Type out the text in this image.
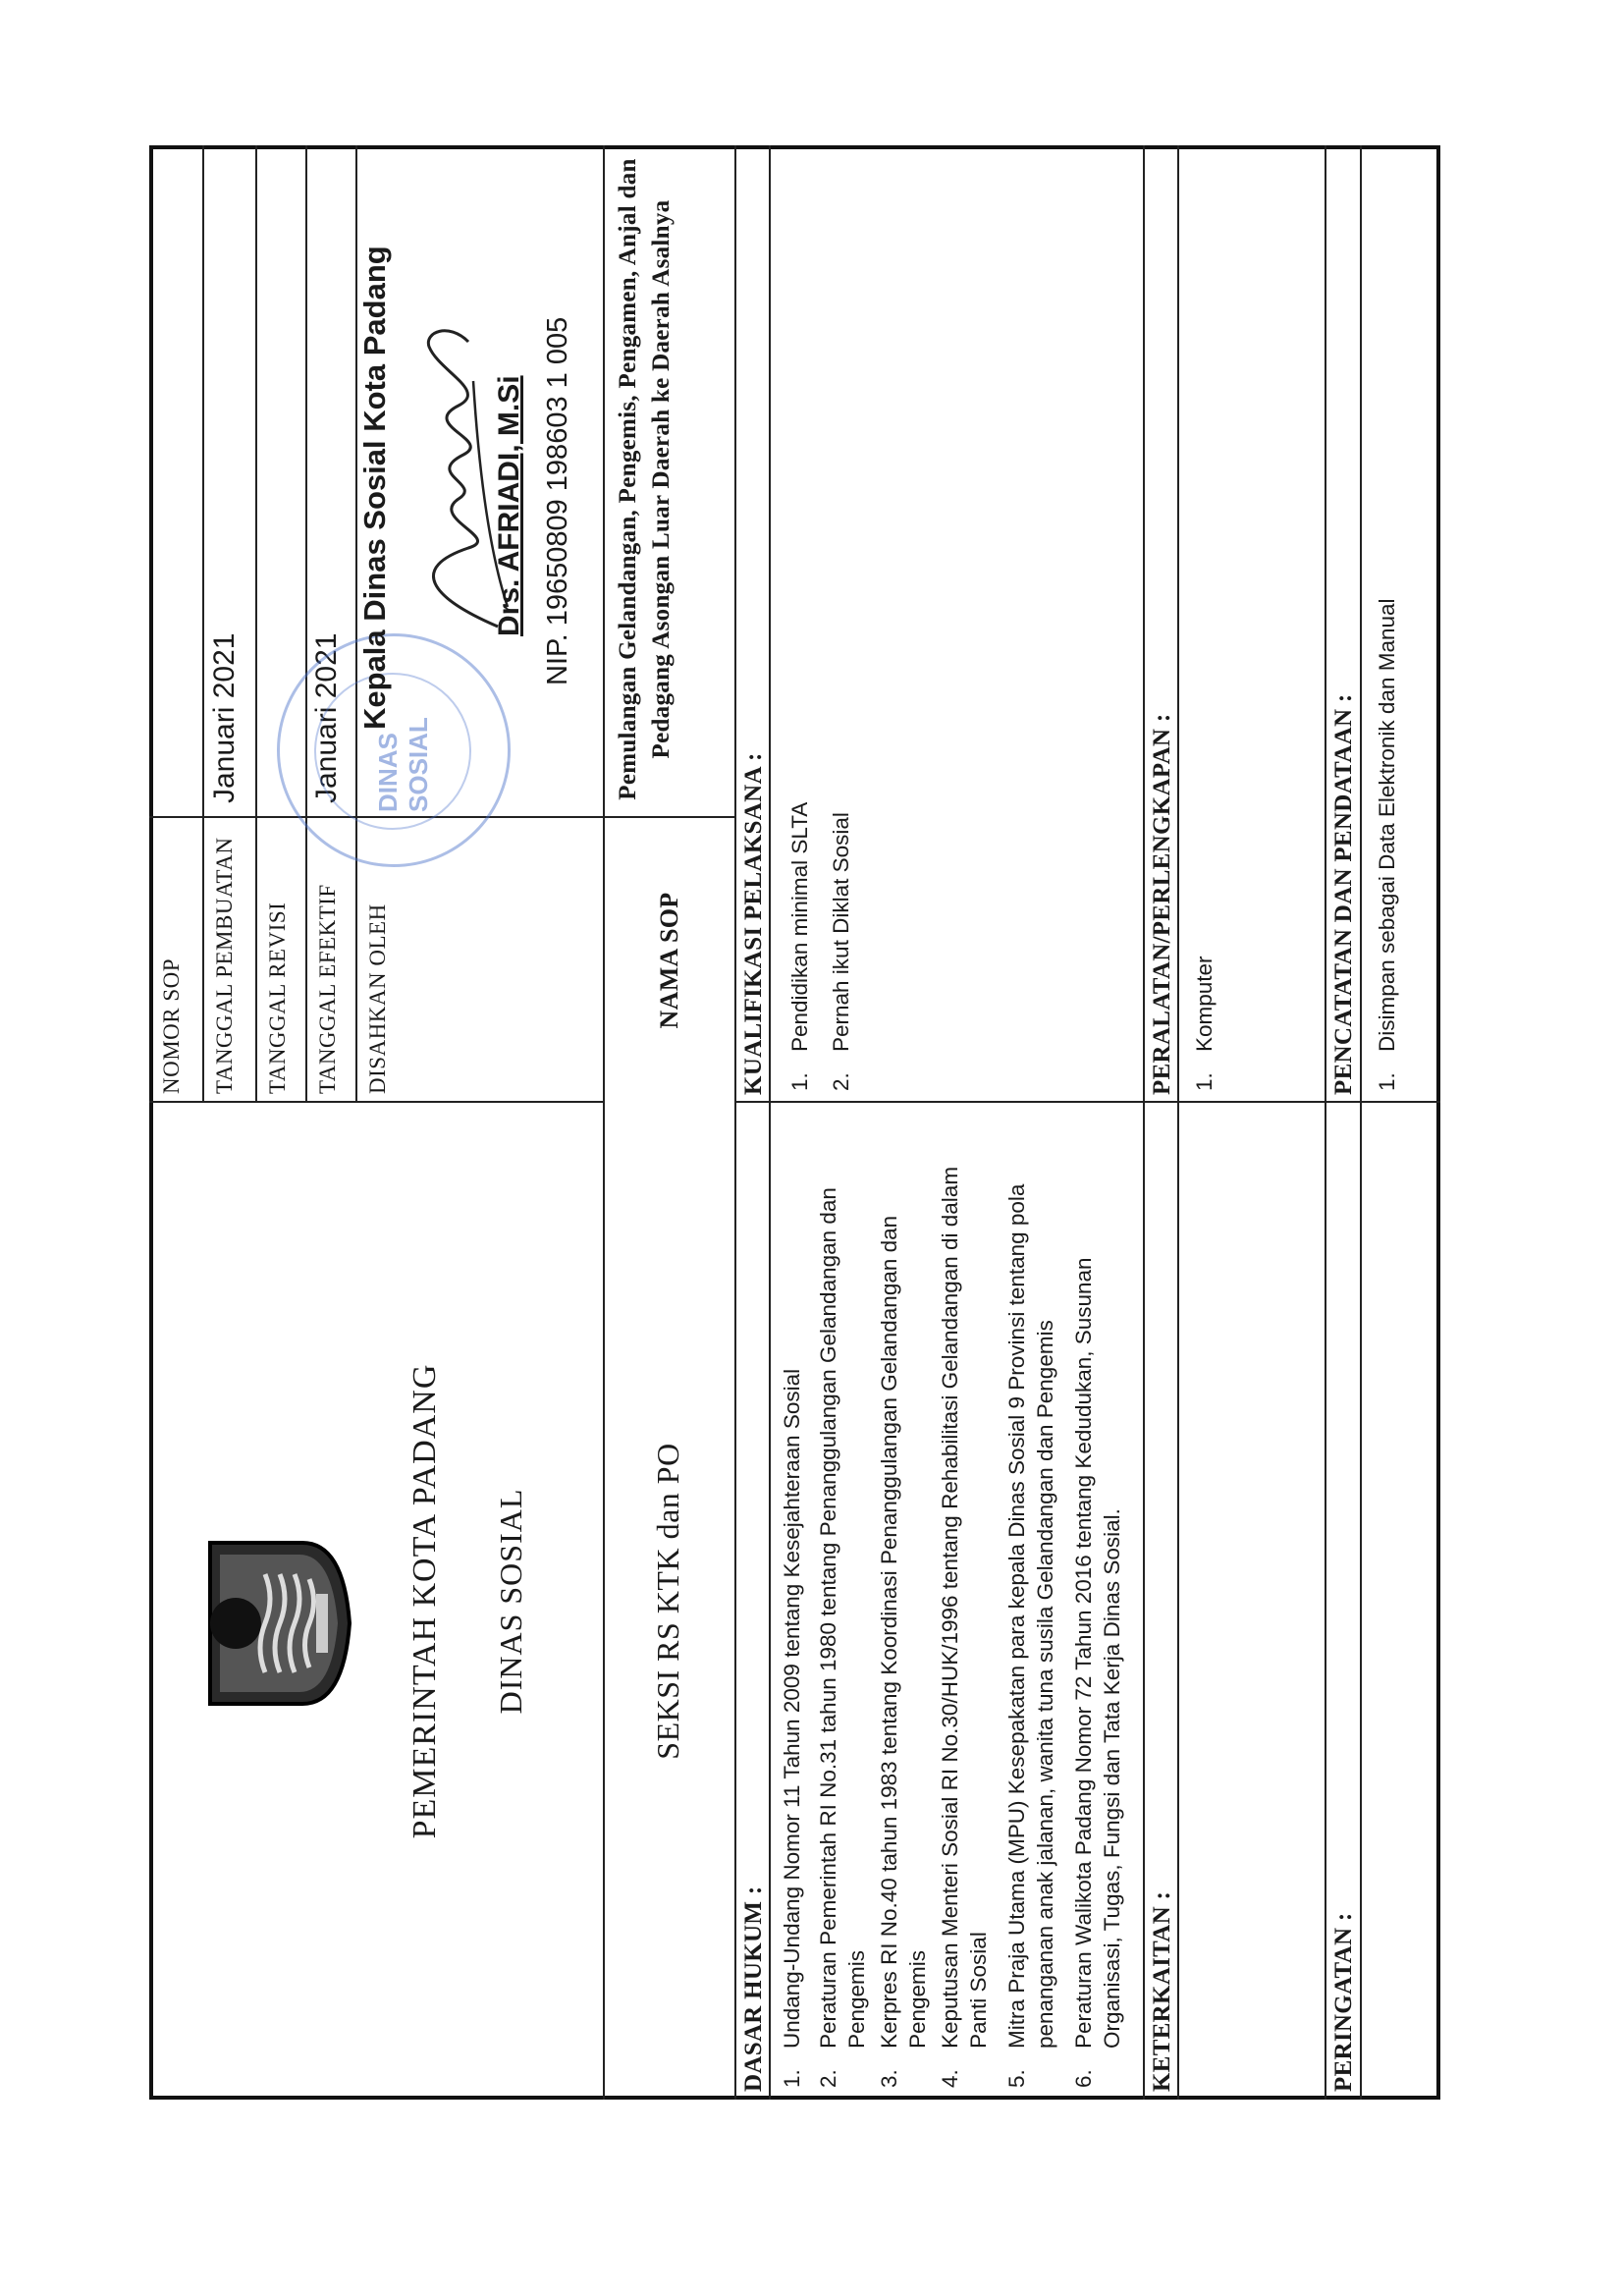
PEMERINTAH KOTA PADANG DINAS SOSIAL	SEKSI RS KTK dan PO
NOMOR SOP TANGGAL PEMBUATAN
Januari 2021
TANGGAL REVISI TANGGAL EFEKTIF
Januari 2021
DISAHKAN OLEH
DINAS SOSIAL
Kepala Dinas Sosial Kota Padang	Drs. AFRIADI, M.Si NIP. 19650809 198603 1 005
NAMA SOP
Pemulangan Gelandangan, Pengemis, Pengamen, Anjal dan Pedagang Asongan Luar Daerah ke Daerah Asalnya
DASAR HUKUM : 1.
Undang-Undang Nomor 11 Tahun 2009 tentang Kesejahteraan Sosial
2.
Peraturan Pemerintah RI No.31 tahun 1980 tentang Penanggulangan Gelandangan dan Pengemis
3.
Kerpres RI No.40 tahun 1983 tentang Koordinasi Penanggulangan Gelandangan dan Pengemis
4.
Keputusan Menteri Sosial RI No.30/HUK/1996 tentang Rehabilitasi Gelandangan di dalam Panti Sosial
5.
Mitra Praja Utama (MPU) Kesepakatan para kepala Dinas Sosial 9 Provinsi tentang pola penanganan anak jalanan, wanita tuna susila Gelandangan dan Pengemis
6.
Peraturan Walikota Padang Nomor 72 Tahun 2016 tentang Kedudukan, Susunan Organisasi, Tugas, Fungsi dan Tata Kerja Dinas Sosial.
KUALIFIKASI PELAKSANA : 1.
Pendidikan minimal SLTA
2.
Pernah ikut Diklat Sosial
KETERKAITAN :
PERALATAN/PERLENGKAPAN : 1.
Komputer
PERINGATAN :
PENCATATAN DAN PENDATAAN : 1.
Disimpan sebagai Data Elektronik dan Manual
